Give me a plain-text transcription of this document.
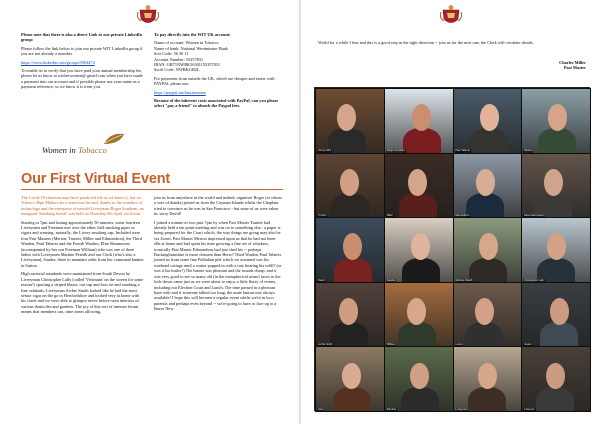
Please note that there is also a direct Link to our private LinkedIn group:

Please follow the link below to join our private WIT LinkedIn group if you are not already a member

https://www.linkedin.com/groups/3904474

To enable us to verify that you have paid your annual membership fee, please let us know at witfirewomen@ gmail.com when you have made a payment into our account and if possible please use your name as a payment reference, so we know it is from you.

To pay directly into the WIT UK account:

Name of account: Women in Tobacco
Name of bank: National Westminster Bank
Sort Code: 56 30 11
Account Number: 55257831
IBAN: GB71NWBK56301155257831
Swift Code: NWBKGB2L

For payments from outside the UK, which are cheaper and easier with PAYPAL please use:

https://paypal.me/fantancanna

Because of the inherent costs associated with PayPal, can you please select "pay a friend" to absorb the Paypal fees.

Women in Tobacco
Our First Virtual Event

The Covid-19 situation may have paralysed life as we know it, but we Tobacco Pipe Makers are a tenacious lot and, thanks to the wonders of technology and the enterprise of newish Liveryman Roger Southam, an inaugural 'Smoking Social' was held on Thursday 9th April via Zoom.

Starting at 7pm and lasting approximately 50 minutes, some fourteen Liverymen and Freemen met over the ether, half smoking pipes or cigars and wearing, naturally, the Livery smoking cap. Included were four Past Masters (Merton, Trunter, Miller and Edmondson), the Third Warden, Paul Taberer and the Fourth Warden, Elise Rasmussen (accompanied by her son Freeman William) who was one of three ladies with Liverymen Martine Peteilh and our Clerk (who's also a Liveryman), Sandra, there to maintain order from her command bunker in Sutton.

High sartorial standards were maintained from South Devon by Liveryman Christopher Lally (called 'Vivimans' on the screen for some reason!) sporting a striped blazer, our cap and bow tie and smoking a fine calabash; Liveryman Archie Smith looked like he had the most senior cigar on the go in Hertfordshire and looked very at home with his claret and we were able to glimpse never-before-seen interiors of various domiciles and gardens. The joy of this sort of internet forum means that members can, time zones allowing,

join us from anywhere in the world and indeed, organiser Roger (to whom a vote of thanks) joined us from the Cayman Islands whilst the Chaplain tried to convince us he was in San Francisco - but none of us were taken in, sorry David!

I joined a minute or two past 7pm by when Past Master Trunter had already held a ten point meeting and was on to something else.. a paper is being prepared for the Court which, the way things are going may also be via Zoom. Past Master Merton impressed upon us that he had not been idle at home and had spent his time growing a fine set of whiskers, ironically Past Master Edmondson had just shed his -- perhaps Buckinghamshire is more clement than Herts? Third Warden Paul Taberer joined us from some fine Palladian pile which we assumed was his weekend cottage until a waiter popped in with a tray bearing his refill? (or was it his butler?) The banter was pleasant and the rounds cheap, and it was very good to see so many old (in the metaphorical sense) faces as the lock-down came just as we were about to enjoy a little flurry of events, including our Election Court and Lunch. The time passed in a pleasant haze with and if someone talked too long, the mute button was always available! I hope this will become a regular event whilst we're in loco parentis and perhaps even beyond -- we're going to have to face up to a Brave New

World for a while I fear and this is a good step in the right direction -- join us for the next one, the Clerk will circulate details.
Charles Miller
Past Master
Jimmy Mini	Roger Southam	Paul Taberer	Merton
Trunter	Miller	Edmondson	Elise Rasmussen
David	Sandra	Martine Peteilh	Christopher Lally
Archie Smith	William	Lionel	Guest
Host	Member	Liveryman	Freeman
